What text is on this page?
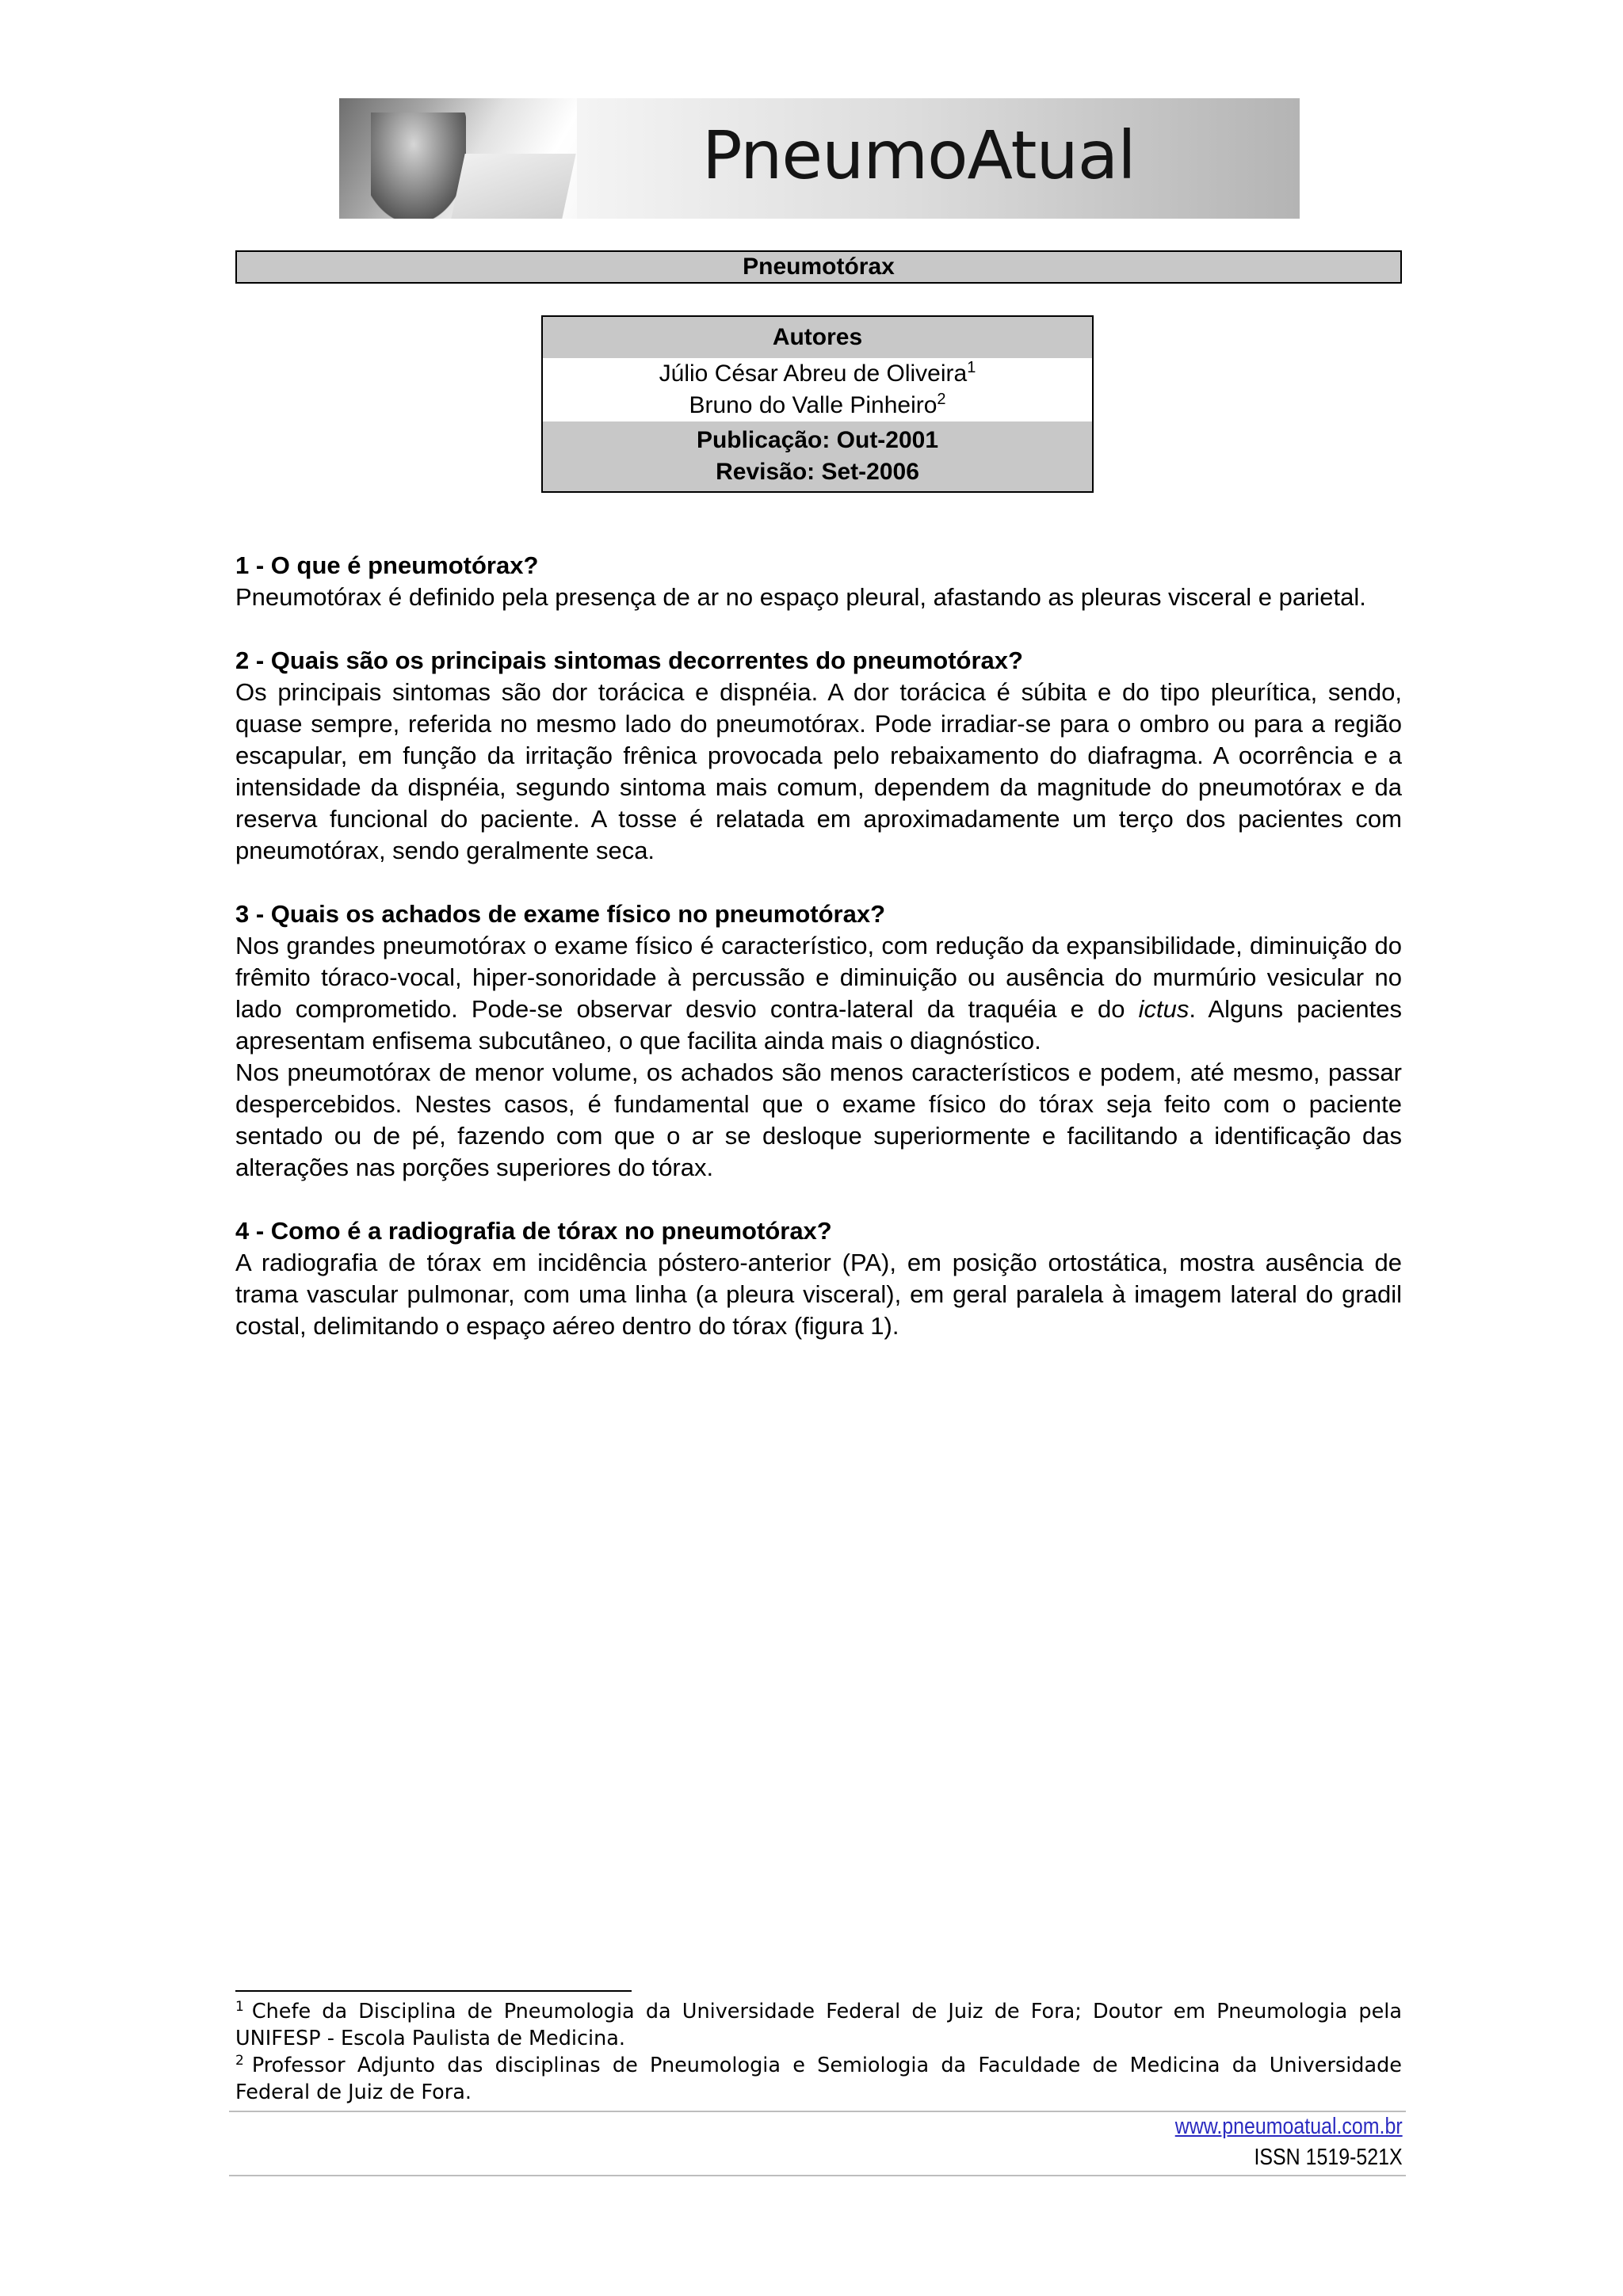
PneumoAtual
Pneumotórax
Autores
Júlio César Abreu de Oliveira$^1$
Bruno do Valle Pinheiro$^2$
Publicação: Out-2001
Revisão: Set-2006
1 - O que é pneumotórax?

Pneumotórax é definido pela presença de ar no espaço pleural, afastando as pleuras visceral e parietal.

2 - Quais são os principais sintomas decorrentes do pneumotórax?

Os principais sintomas são dor torácica e dispnéia. A dor torácica é súbita e do tipo pleurítica, sendo, quase sempre, referida no mesmo lado do pneumotórax. Pode irradiar-se para o ombro ou para a região escapular, em função da irritação frênica provocada pelo rebaixamento do diafragma. A ocorrência e a intensidade da dispnéia, segundo sintoma mais comum, dependem da magnitude do pneumotórax e da reserva funcional do paciente. A tosse é relatada em aproximadamente um terço dos pacientes com pneumotórax, sendo geralmente seca.

3 - Quais os achados de exame físico no pneumotórax?

Nos grandes pneumotórax o exame físico é característico, com redução da expansibilidade, diminuição do frêmito tóraco-vocal, hiper-sonoridade à percussão e diminuição ou ausência do murmúrio vesicular no lado comprometido. Pode-se observar desvio contra-lateral da traquéia e do ictus. Alguns pacientes apresentam enfisema subcutâneo, o que facilita ainda mais o diagnóstico.

Nos pneumotórax de menor volume, os achados são menos característicos e podem, até mesmo, passar despercebidos. Nestes casos, é fundamental que o exame físico do tórax seja feito com o paciente sentado ou de pé, fazendo com que o ar se desloque superiormente e facilitando a identificação das alterações nas porções superiores do tórax.

4 - Como é a radiografia de tórax no pneumotórax?

A radiografia de tórax em incidência póstero-anterior (PA), em posição ortostática, mostra ausência de trama vascular pulmonar, com uma linha (a pleura visceral), em geral paralela à imagem lateral do gradil costal, delimitando o espaço aéreo dentro do tórax (figura 1).

$^1$ Chefe da Disciplina de Pneumologia da Universidade Federal de Juiz de Fora; Doutor em Pneumologia pela UNIFESP - Escola Paulista de Medicina.

$^2$ Professor Adjunto das disciplinas de Pneumologia e Semiologia da Faculdade de Medicina da Universidade Federal de Juiz de Fora.

www.pneumoatual.com.br
ISSN 1519-521X
